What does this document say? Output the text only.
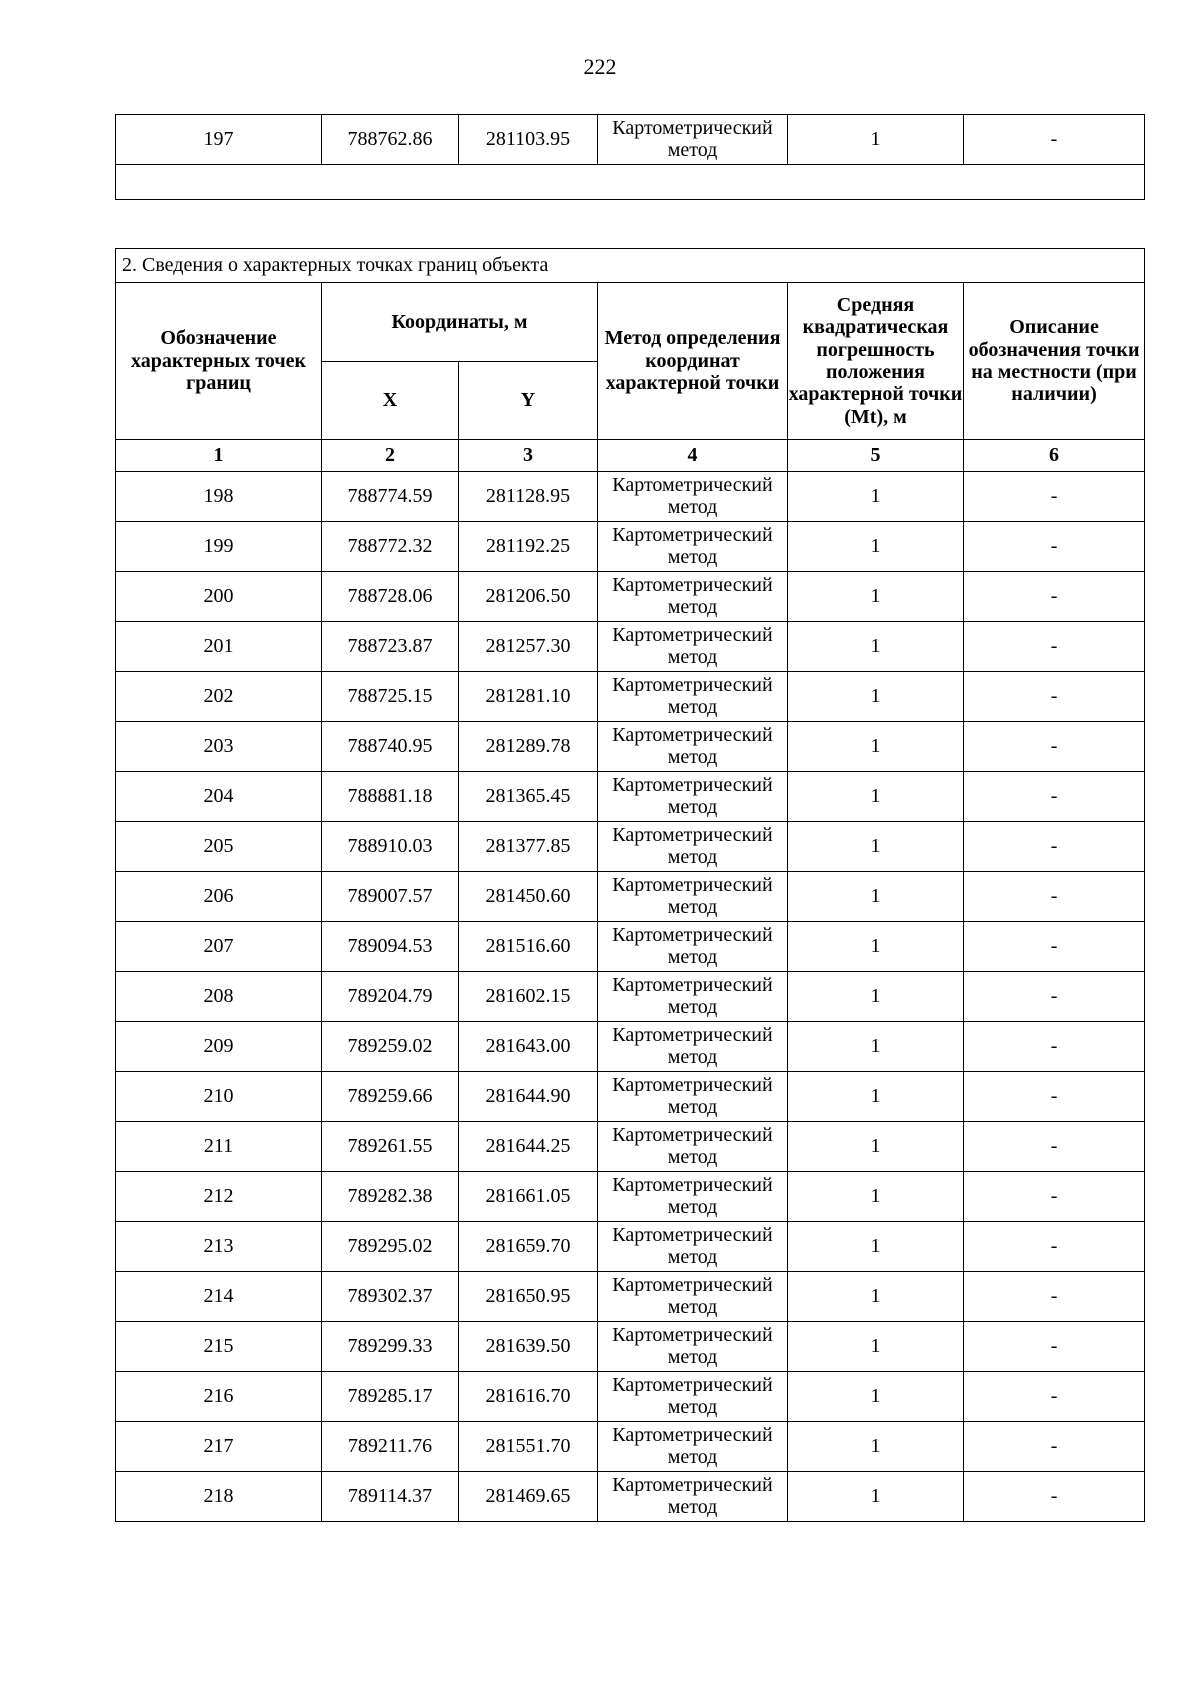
222
197	788762.86	281103.95	Картометрический метод	1	-

2. Сведения о характерных точках границ объекта					
Обозначение характерных точек границ	Координаты, м		Метод определения координат характерной точки	Средняя квадратическая погрешность положения характерной точки (Mt), м	Описание обозначения точки на местности (при наличии)
	X	Y			
1	2	3	4	5	6
198	788774.59	281128.95	Картометрический метод	1	-
199	788772.32	281192.25	Картометрический метод	1	-
200	788728.06	281206.50	Картометрический метод	1	-
201	788723.87	281257.30	Картометрический метод	1	-
202	788725.15	281281.10	Картометрический метод	1	-
203	788740.95	281289.78	Картометрический метод	1	-
204	788881.18	281365.45	Картометрический метод	1	-
205	788910.03	281377.85	Картометрический метод	1	-
206	789007.57	281450.60	Картометрический метод	1	-
207	789094.53	281516.60	Картометрический метод	1	-
208	789204.79	281602.15	Картометрический метод	1	-
209	789259.02	281643.00	Картометрический метод	1	-
210	789259.66	281644.90	Картометрический метод	1	-
211	789261.55	281644.25	Картометрический метод	1	-
212	789282.38	281661.05	Картометрический метод	1	-
213	789295.02	281659.70	Картометрический метод	1	-
214	789302.37	281650.95	Картометрический метод	1	-
215	789299.33	281639.50	Картометрический метод	1	-
216	789285.17	281616.70	Картометрический метод	1	-
217	789211.76	281551.70	Картометрический метод	1	-
218	789114.37	281469.65	Картометрический метод	1	-
